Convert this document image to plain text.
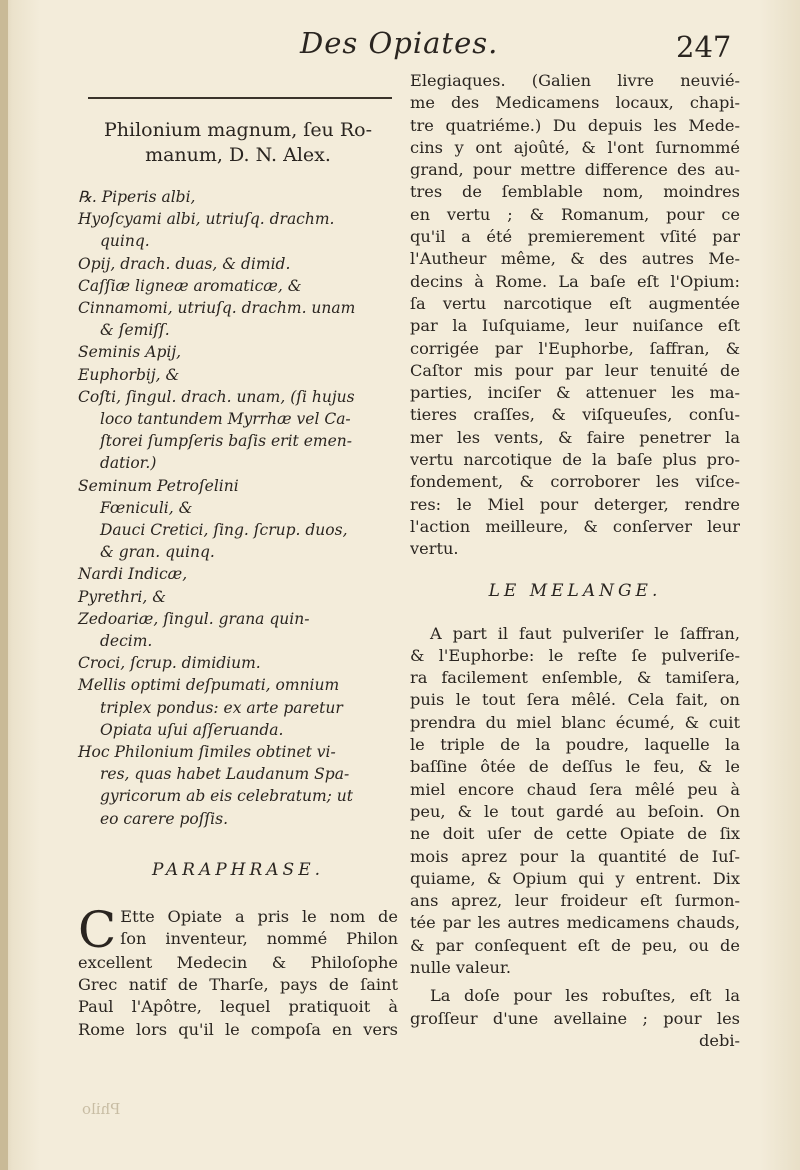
Des Opiates.	247
Philonium magnum, ſeu Ro-
manum, D. N. Alex.
℞. Piperis albi,
Hyoſcyami albi, utriuſq. drachm.
quinq.
Opij, drach. duas, & dimid.
Caſſiæ ligneæ aromaticæ, &
Cinnamomi, utriuſq. drachm. unam
& ſemiſſ.
Seminis Apij,
Euphorbij, &
Coſti, ſingul. drach. unam, (ſi hujus
loco tantundem Myrrhæ vel Ca-
ſtorei ſumpſeris baſis erit emen-
datior.)
Seminum Petroſelini
Fœniculi, &
Dauci Cretici, ſing. ſcrup. duos,
& gran. quinq.
Nardi Indicæ,
Pyrethri, &
Zedoariæ, ſingul. grana quin-
decim.
Croci, ſcrup. dimidium.
Mellis optimi deſpumati, omnium
triplex pondus: ex arte paretur
Opiata uſui aſſeruanda.
Hoc Philonium ſimiles obtinet vi-
res, quas habet Laudanum Spa-
gyricorum ab eis celebratum; ut
eo carere poſſis.
PARAPHRASE.
C Ette Opiate a pris le nom de
ſon inventeur, nommé Philon
excellent Medecin & Philoſophe
Grec natif de Tharſe, pays de ſaint
Paul l'Apôtre, lequel pratiquoit à
Rome lors qu'il le compoſa en vers
Elegiaques. (Galien livre neuvié-
me des Medicamens locaux, chapi-
tre quatriéme.) Du depuis les Mede-
cins y ont ajoûté, & l'ont ſurnommé
grand, pour mettre difference des au-
tres de ſemblable nom, moindres
en vertu ; & Romanum, pour ce
qu'il a été premierement vſité par
l'Autheur même, & des autres Me-
decins à Rome. La baſe eſt l'Opium:
ſa vertu narcotique eſt augmentée
par la Iuſquiame, leur nuiſance eſt
corrigée par l'Euphorbe, ſaffran, &
Caſtor mis pour par leur tenuité de
parties, inciſer & attenuer les ma-
tieres craſſes, & viſqueuſes, conſu-
mer les vents, & faire penetrer la
vertu narcotique de la baſe plus pro-
fondement, & corroborer les viſce-
res: le Miel pour deterger, rendre
l'action meilleure, & conſerver leur
vertu.
LE MELANGE.
A part il faut pulveriſer le ſaffran,
& l'Euphorbe: le reſte ſe pulveriſe-
ra facilement enſemble, & tamiſera,
puis le tout ſera mêlé. Cela fait, on
prendra du miel blanc écumé, & cuit
le triple de la poudre, laquelle la
baſſine ôtée de deſſus le feu, & le
miel encore chaud ſera mêlé peu à
peu, & le tout gardé au beſoin. On
ne doit uſer de cette Opiate de ſix
mois aprez pour la quantité de Iuſ-
quiame, & Opium qui y entrent. Dix
ans aprez, leur froideur eſt ſurmon-
tée par les autres medicamens chauds,
& par conſequent eſt de peu, ou de
nulle valeur.
La doſe pour les robuſtes, eſt la
groſſeur d'une avellaine ; pour les
debi-
Philo
